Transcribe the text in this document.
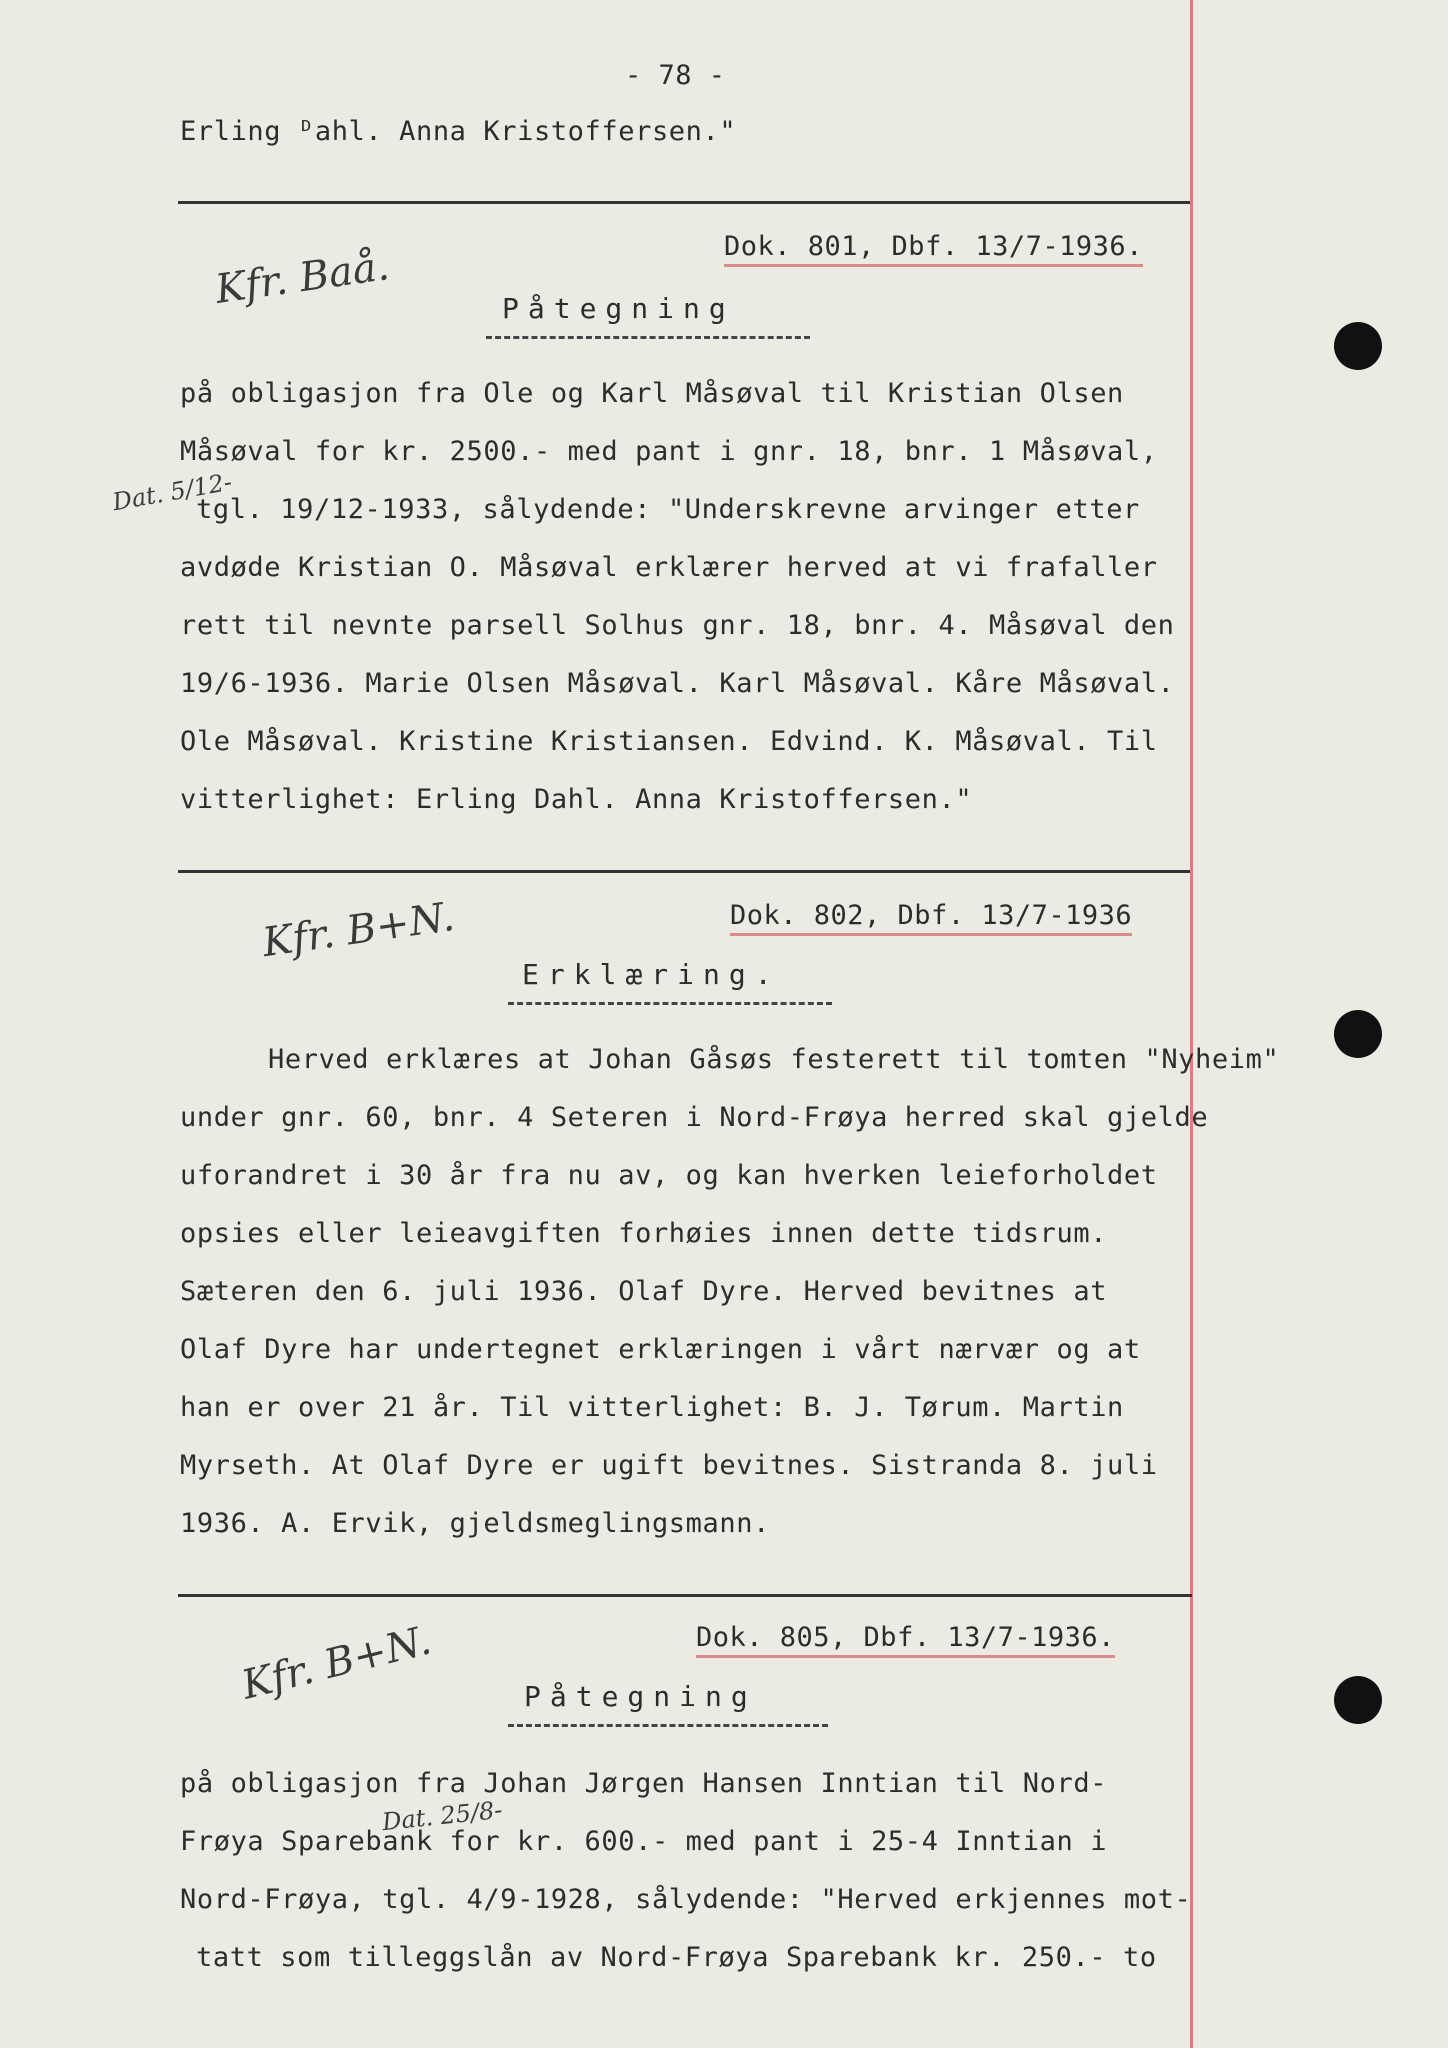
- 78 -
Erling ᴰahl. Anna Kristoffersen."
Kfr. Baå.	Dok. 801, Dbf. 13/7-1936.
Påtegning
Dat. 5/12-
på obligasjon fra Ole og Karl Måsøval til Kristian Olsen
Måsøval for kr. 2500.- med pant i gnr. 18, bnr. 1 Måsøval,
tgl. 19/12-1933, sålydende: "Underskrevne arvinger etter
avdøde Kristian O. Måsøval erklærer herved at vi frafaller
rett til nevnte parsell Solhus gnr. 18, bnr. 4. Måsøval den
19/6-1936. Marie Olsen Måsøval. Karl Måsøval. Kåre Måsøval.
Ole Måsøval. Kristine Kristiansen. Edvind. K. Måsøval. Til
vitterlighet: Erling Dahl. Anna Kristoffersen."
Kfr. B+N.	Dok. 802, Dbf. 13/7-1936
Erklæring.
Herved erklæres at Johan Gåsøs festerett til tomten "Nyheim"
under gnr. 60, bnr. 4 Seteren i Nord-Frøya herred skal gjelde
uforandret i 30 år fra nu av, og kan hverken leieforholdet
opsies eller leieavgiften forhøies innen dette tidsrum.
Sæteren den 6. juli 1936. Olaf Dyre. Herved bevitnes at
Olaf Dyre har undertegnet erklæringen i vårt nærvær og at
han er over 21 år. Til vitterlighet: B. J. Tørum. Martin
Myrseth. At Olaf Dyre er ugift bevitnes. Sistranda 8. juli
1936. A. Ervik, gjeldsmeglingsmann.
Kfr. B+N.	Dok. 805, Dbf. 13/7-1936.
Påtegning
Dat. 25/8-
på obligasjon fra Johan Jørgen Hansen Inntian til Nord-
Frøya Sparebank for kr. 600.- med pant i 25-4 Inntian i
Nord-Frøya, tgl. 4/9-1928, sålydende: "Herved erkjennes mot-
tatt som tilleggslån av Nord-Frøya Sparebank kr. 250.- to
